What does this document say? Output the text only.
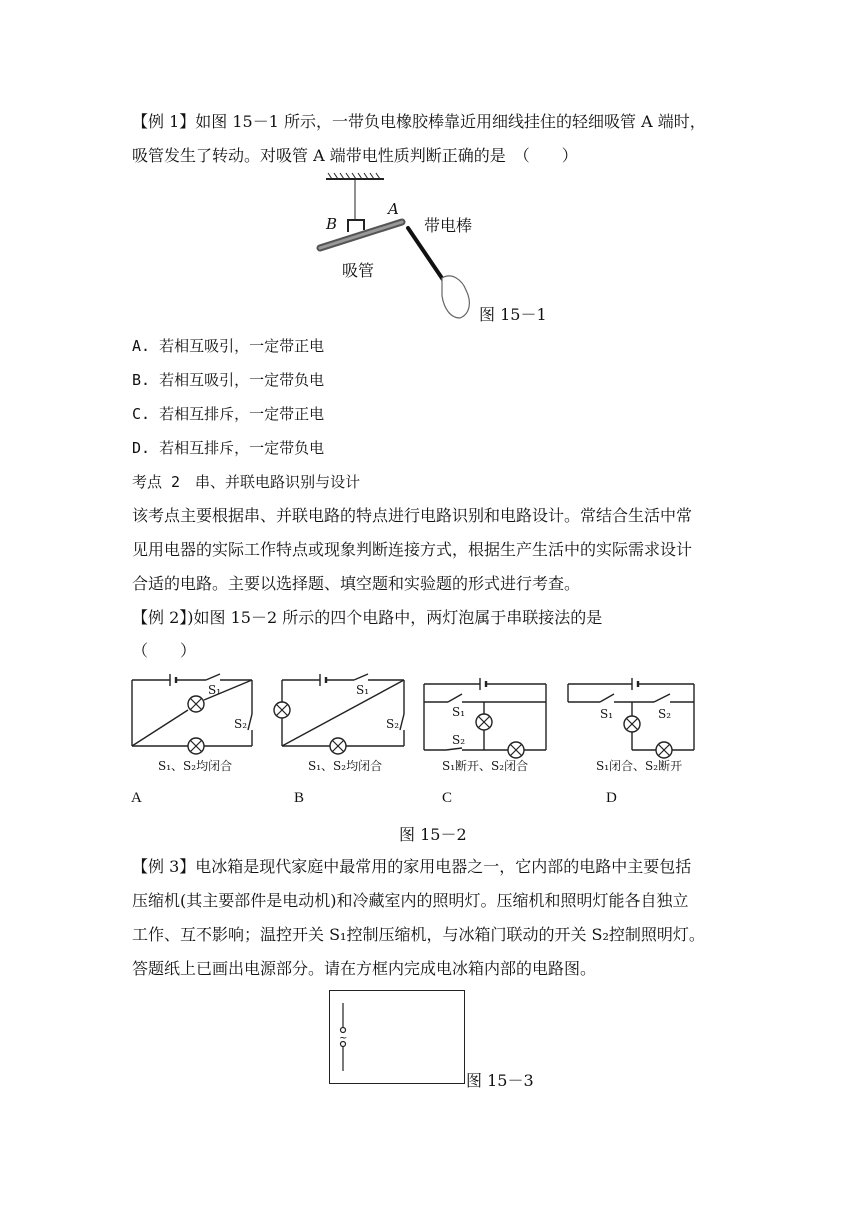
【例 1】如图 15－1 所示，一带负电橡胶棒靠近用细线挂住的轻细吸管 A 端时，
吸管发生了转动。对吸管 A 端带电性质判断正确的是　（　　）
B
A
带电棒
吸管
图 15－1
A. 若相互吸引，一定带正电
B. 若相互吸引，一定带负电
C. 若相互排斥，一定带正电
D. 若相互排斥，一定带负电
考点 2　串、并联电路识别与设计
该考点主要根据串、并联电路的特点进行电路识别和电路设计。常结合生活中常
见用电器的实际工作特点或现象判断连接方式，根据生产生活中的实际需求设计
合适的电路。主要以选择题、填空题和实验题的形式进行考查。
【例 2】)如图 15－2 所示的四个电路中，两灯泡属于串联接法的是
（　　）
S₁
S₂
S₁、S₂均闭合
S₁
S₂
S₁、S₂均闭合
S₁
S₂
S₁断开、S₂闭合
S₁	S₂
S₁闭合、S₂断开
A	B	C	D
图 15－2
【例 3】电冰箱是现代家庭中最常用的家用电器之一，它内部的电路中主要包括
压缩机(其主要部件是电动机)和冷藏室内的照明灯。压缩机和照明灯能各自独立
工作、互不影响；温控开关 S₁控制压缩机，与冰箱门联动的开关 S₂控制照明灯。
答题纸上已画出电源部分。请在方框内完成电冰箱内部的电路图。
~
图 15－3
